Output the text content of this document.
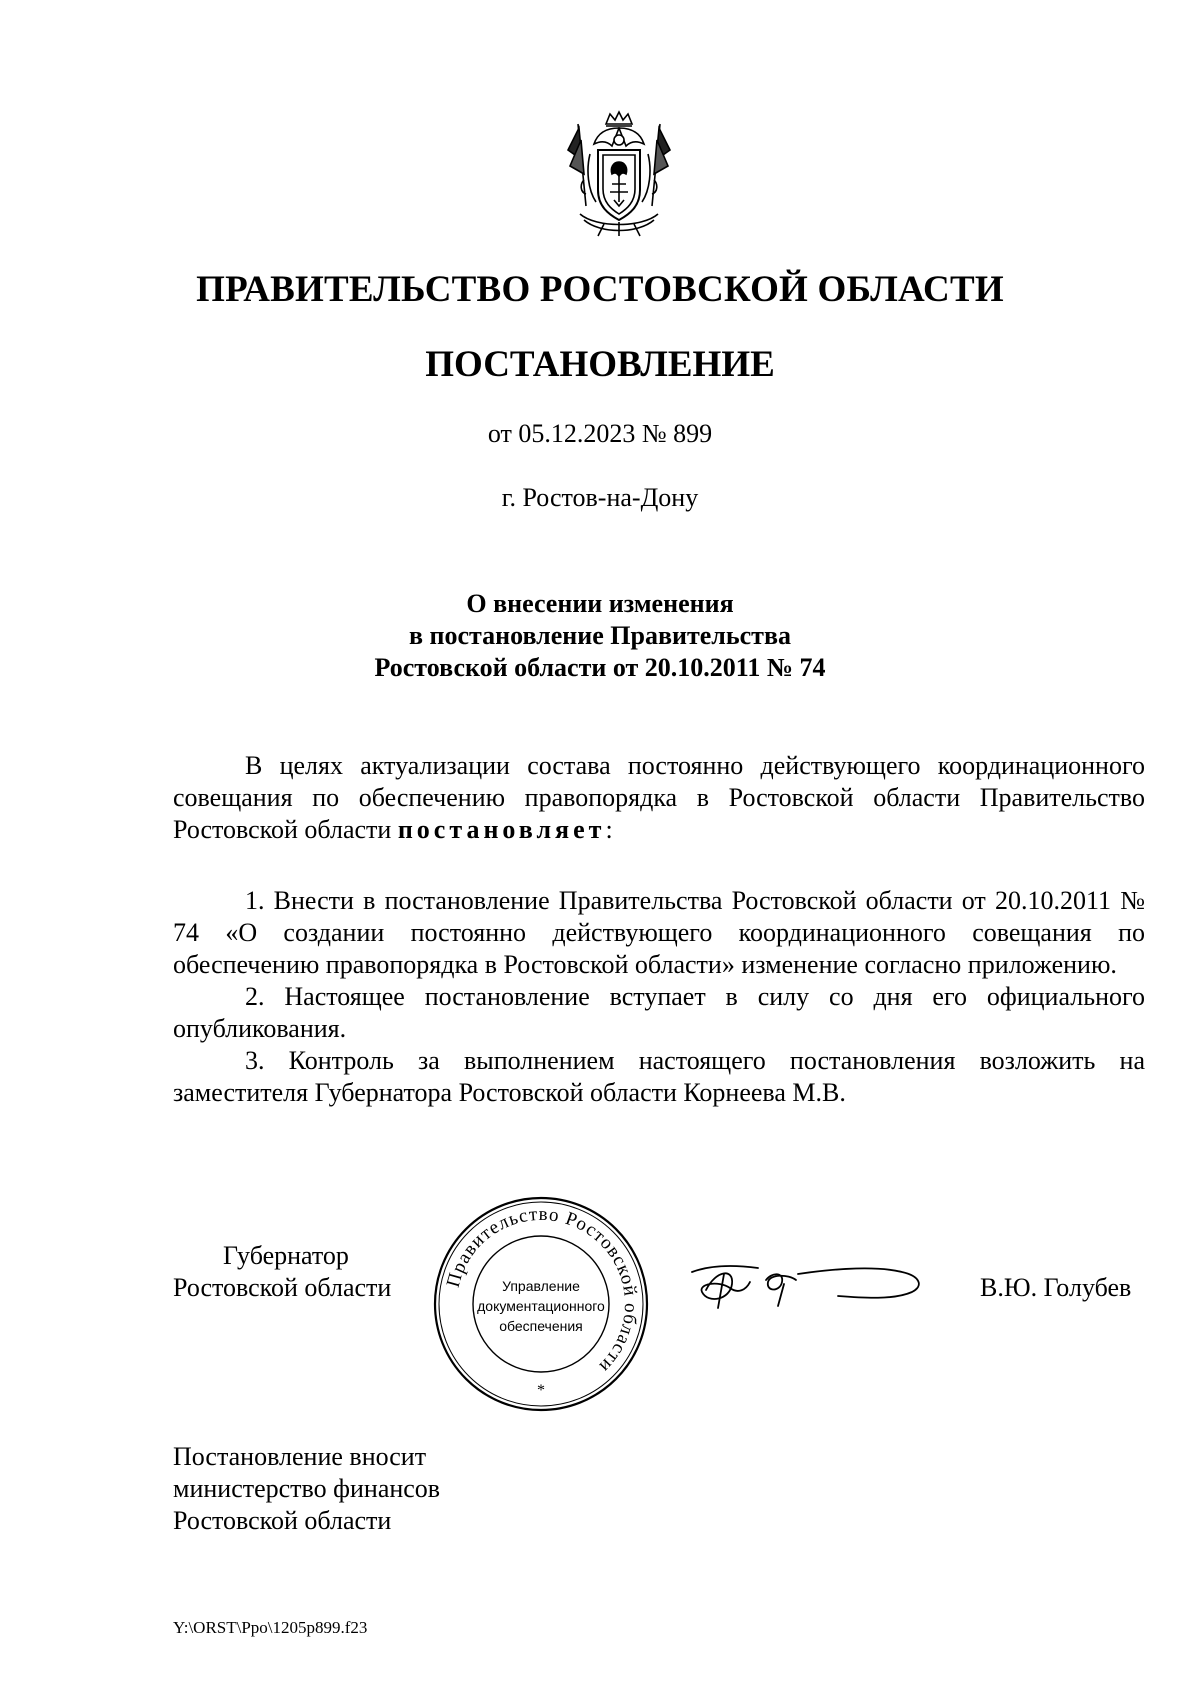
ПРАВИТЕЛЬСТВО РОСТОВСКОЙ ОБЛАСТИ
ПОСТАНОВЛЕНИЕ
от 05.12.2023 № 899
г. Ростов-на-Дону
О внесении изменения
в постановление Правительства
Ростовской области от 20.10.2011 № 74

В целях актуализации состава постоянно действующего координационного совещания по обеспечению правопорядка в Ростовской области Правительство Ростовской области постановляет:

1. Внести в постановление Правительства Ростовской области от 20.10.2011 № 74 «О создании постоянно действующего координационного совещания по обеспечению правопорядка в Ростовской области» изменение согласно приложению.

2. Настоящее постановление вступает в силу со дня его официального опубликования.

3. Контроль за выполнением настоящего постановления возложить на заместителя Губернатора Ростовской области Корнеева М.В.

Губернатор
Ростовской области	Правительство Ростовской области
Управление
документационного
обеспечения
*
В.Ю. Голубев
Постановление вносит
министерство финансов
Ростовской области
Y:\ORST\Ppo\1205p899.f23
